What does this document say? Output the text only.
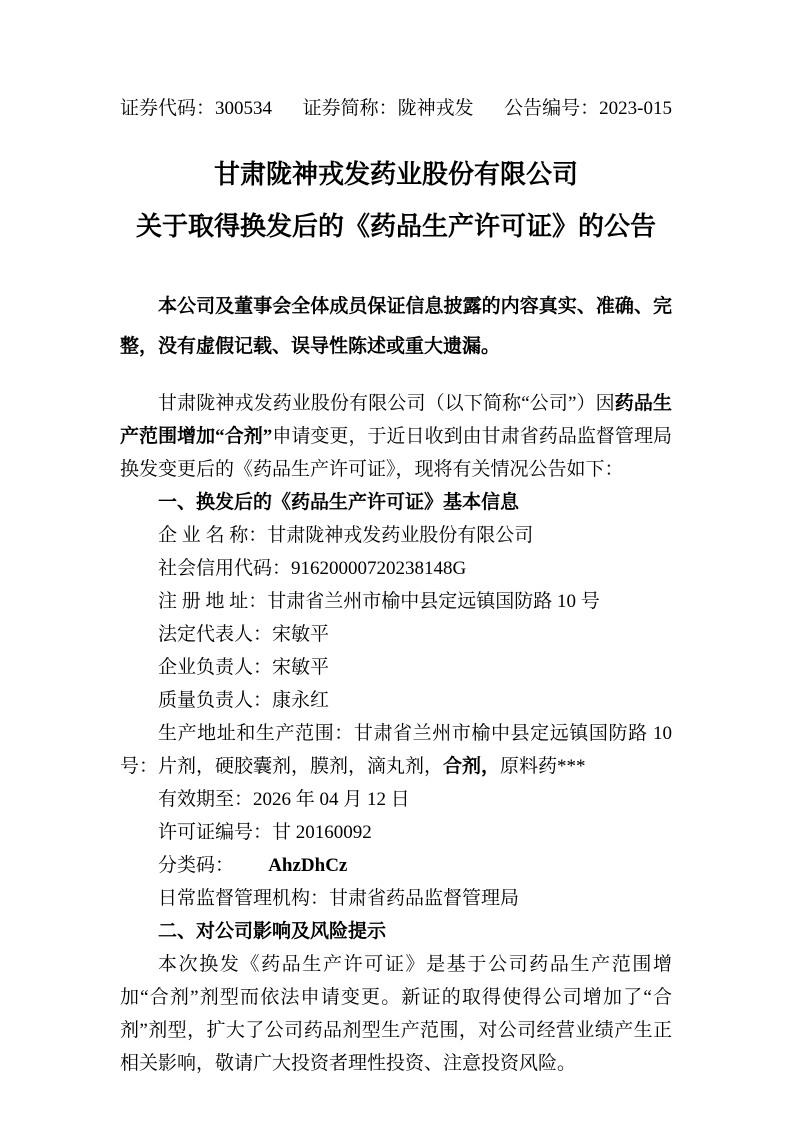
证券代码：300534 证券简称：陇神戎发 公告编号：2023-015
甘肃陇神戎发药业股份有限公司
关于取得换发后的《药品生产许可证》的公告

本公司及董事会全体成员保证信息披露的内容真实、准确、完整，没有虚假记载、误导性陈述或重大遗漏。

甘肃陇神戎发药业股份有限公司（以下简称“公司”）因药品生产范围增加“合剂”申请变更，于近日收到由甘肃省药品监督管理局换发变更后的《药品生产许可证》，现将有关情况公告如下：

一、换发后的《药品生产许可证》基本信息

企 业 名 称：甘肃陇神戎发药业股份有限公司

社会信用代码：91620000720238148G

注 册 地 址：甘肃省兰州市榆中县定远镇国防路 10 号

法定代表人：宋敏平

企业负责人：宋敏平

质量负责人：康永红

生产地址和生产范围：甘肃省兰州市榆中县定远镇国防路 10 号：片剂，硬胶囊剂，膜剂，滴丸剂，合剂，原料药***

有效期至：2026 年 04 月 12 日

许可证编号：甘 20160092

分类码： AhzDhCz

日常监督管理机构：甘肃省药品监督管理局

二、对公司影响及风险提示

本次换发《药品生产许可证》是基于公司药品生产范围增加“合剂”剂型而依法申请变更。新证的取得使得公司增加了“合剂”剂型，扩大了公司药品剂型生产范围，对公司经营业绩产生正相关影响，敬请广大投资者理性投资、注意投资风险。
